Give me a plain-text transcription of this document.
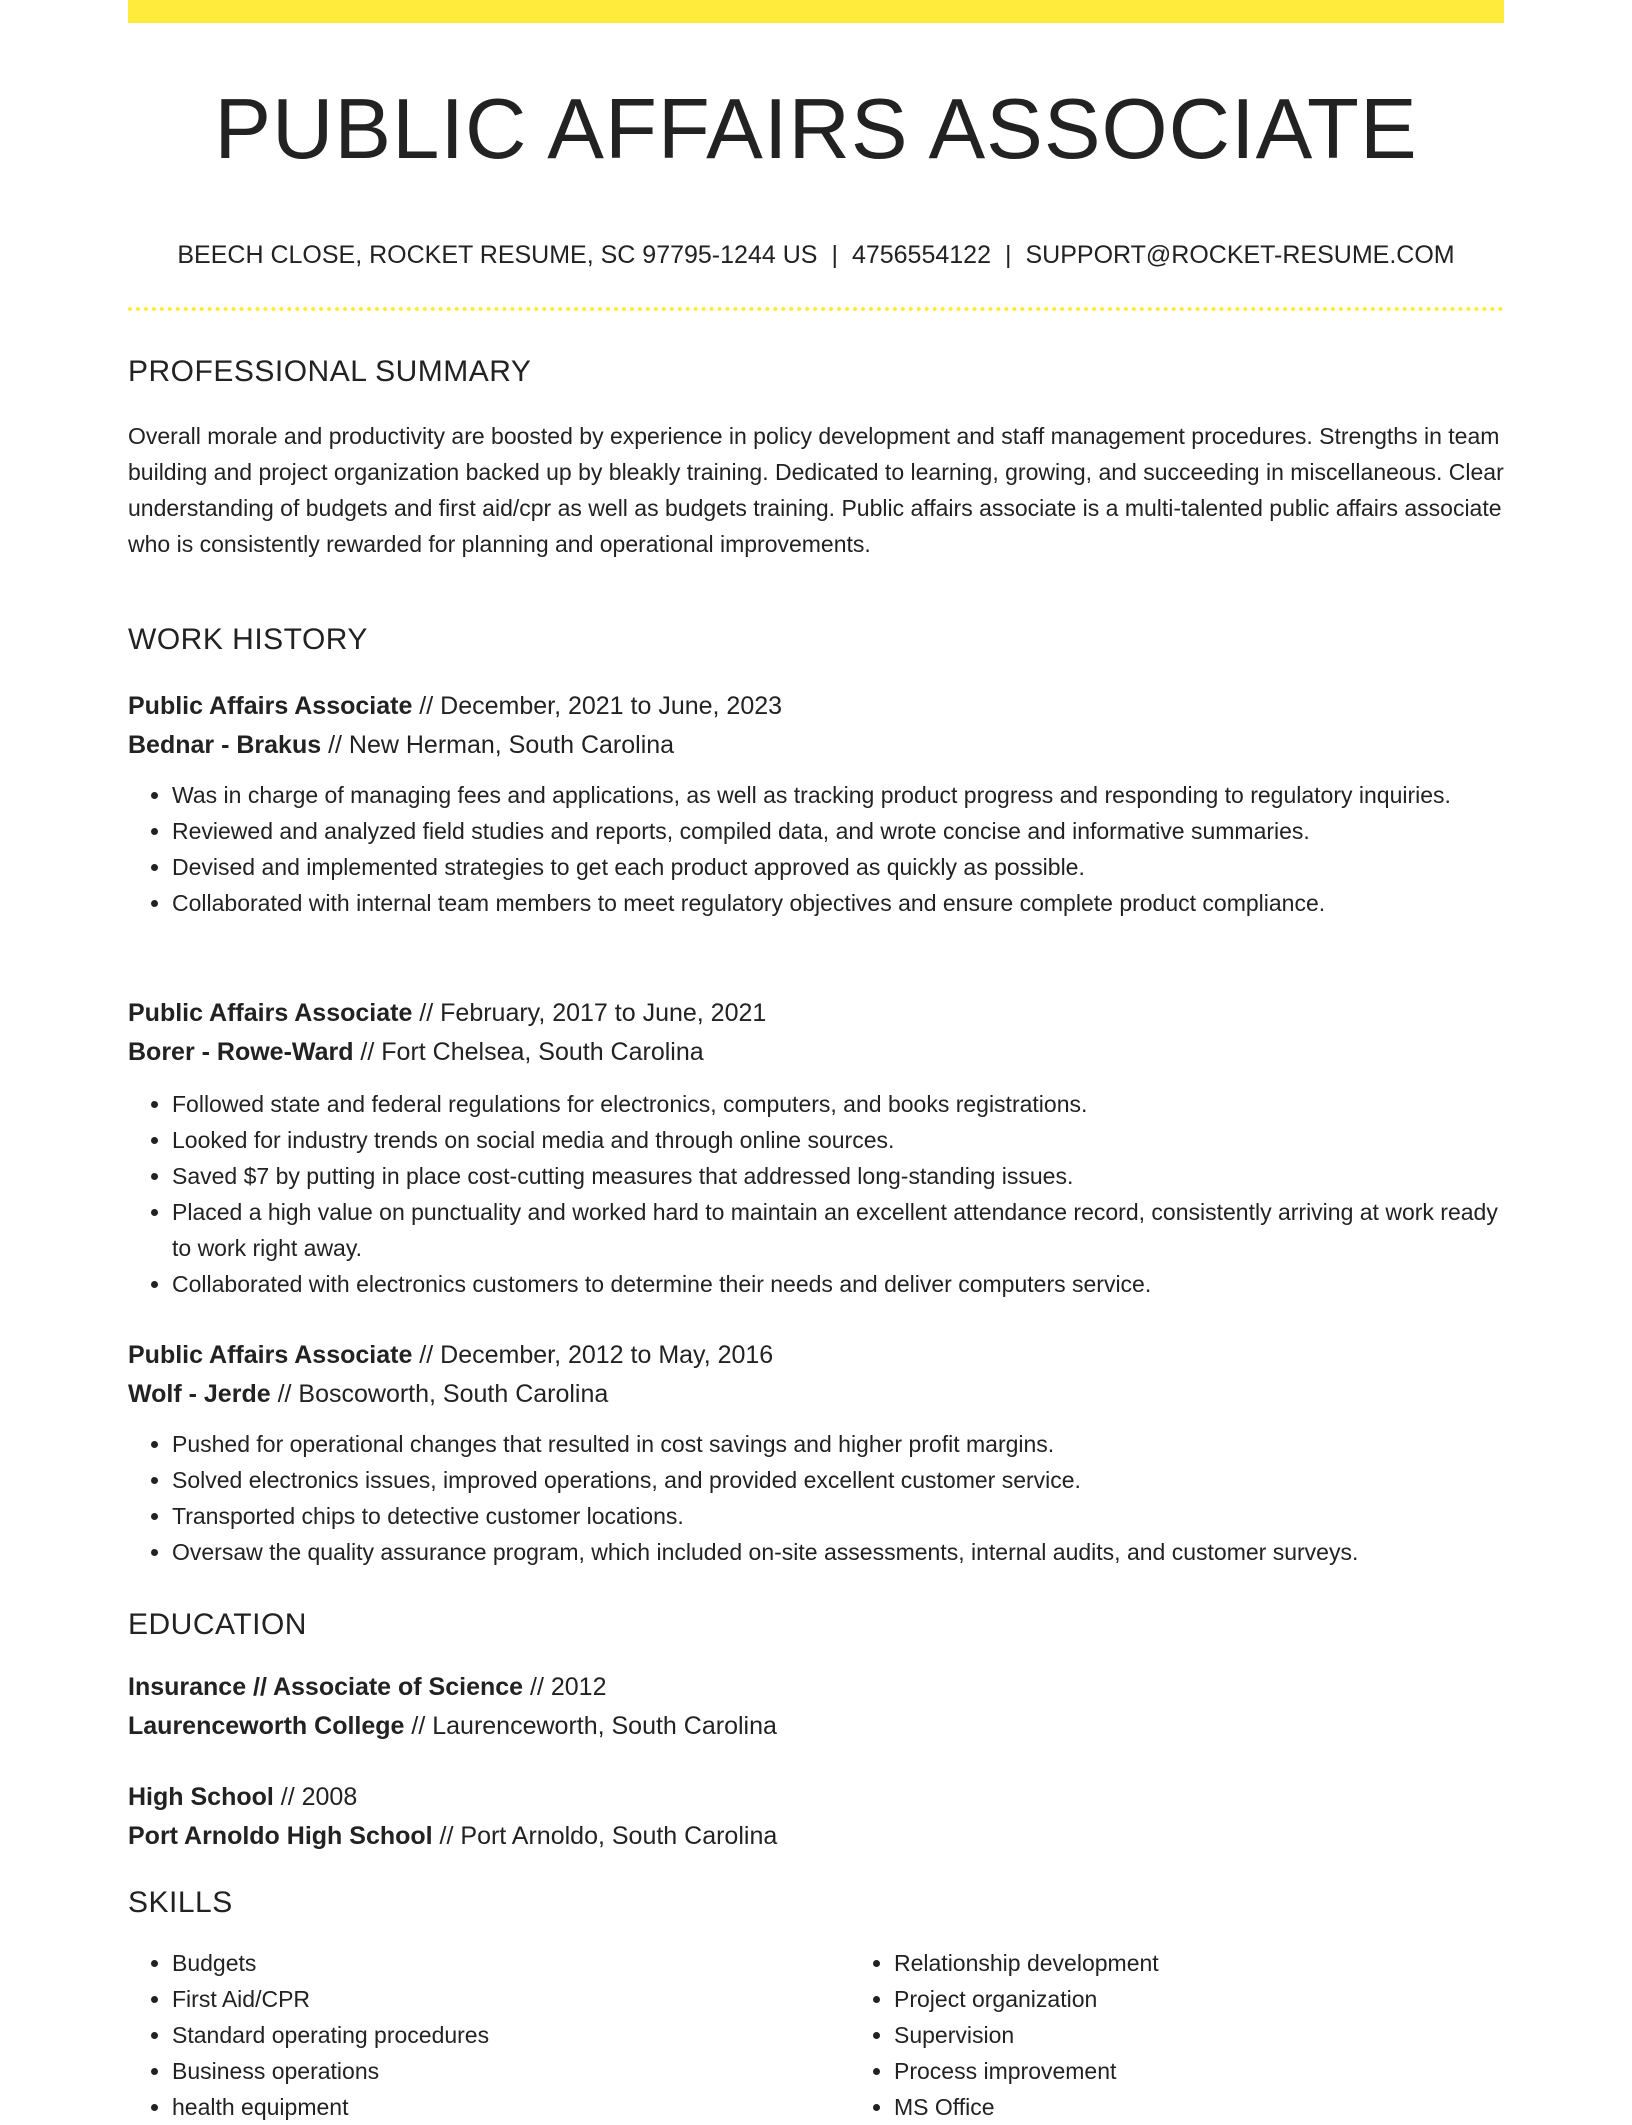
PUBLIC AFFAIRS ASSOCIATE
BEECH CLOSE, ROCKET RESUME, SC 97795-1244 US | 4756554122 | SUPPORT@ROCKET-RESUME.COM
PROFESSIONAL SUMMARY
Overall morale and productivity are boosted by experience in policy development and staff management procedures. Strengths in team building and project organization backed up by bleakly training. Dedicated to learning, growing, and succeeding in miscellaneous. Clear understanding of budgets and first aid/cpr as well as budgets training. Public affairs associate is a multi-talented public affairs associate who is consistently rewarded for planning and operational improvements.
WORK HISTORY
Public Affairs Associate // December, 2021 to June, 2023
Bednar - Brakus // New Herman, South Carolina
• Was in charge of managing fees and applications, as well as tracking product progress and responding to regulatory inquiries.
• Reviewed and analyzed field studies and reports, compiled data, and wrote concise and informative summaries.
• Devised and implemented strategies to get each product approved as quickly as possible.
• Collaborated with internal team members to meet regulatory objectives and ensure complete product compliance.
Public Affairs Associate // February, 2017 to June, 2021
Borer - Rowe-Ward // Fort Chelsea, South Carolina
• Followed state and federal regulations for electronics, computers, and books registrations.
• Looked for industry trends on social media and through online sources.
• Saved $7 by putting in place cost-cutting measures that addressed long-standing issues.
• Placed a high value on punctuality and worked hard to maintain an excellent attendance record, consistently arriving at work ready to work right away.
• Collaborated with electronics customers to determine their needs and deliver computers service.
Public Affairs Associate // December, 2012 to May, 2016
Wolf - Jerde // Boscoworth, South Carolina
• Pushed for operational changes that resulted in cost savings and higher profit margins.
• Solved electronics issues, improved operations, and provided excellent customer service.
• Transported chips to detective customer locations.
• Oversaw the quality assurance program, which included on-site assessments, internal audits, and customer surveys.
EDUCATION
Insurance // Associate of Science // 2012
Laurenceworth College // Laurenceworth, South Carolina
High School // 2008
Port Arnoldo High School // Port Arnoldo, South Carolina
SKILLS
• Budgets
• First Aid/CPR
• Standard operating procedures
• Business operations
• health equipment
• Relationship development
• Project organization
• Supervision
• Process improvement
• MS Office
